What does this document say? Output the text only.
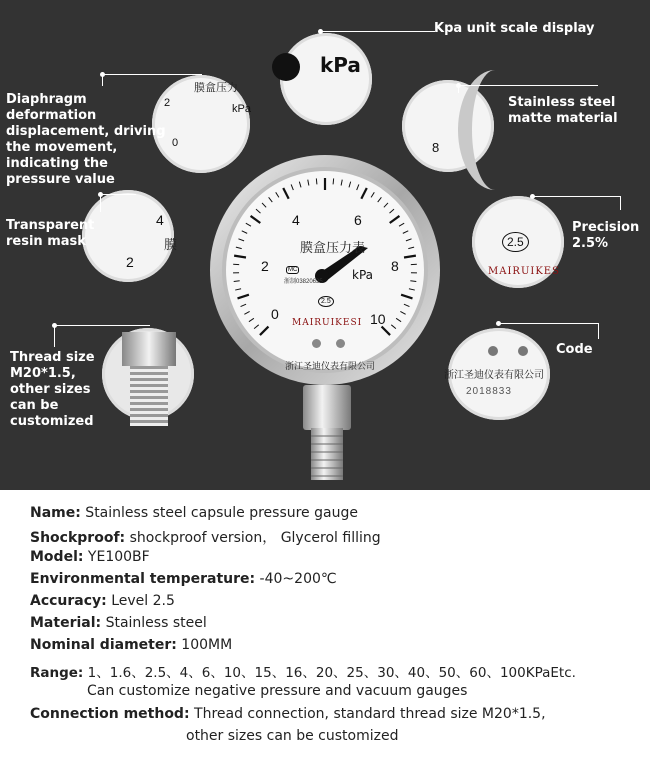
膜盒压力表
kPa
MC
浙制03820635
2.5
MAIRUIKESI
浙江圣迪仪表有限公司
0
2
4	6
8
10
kPa
8
膜盒压力
kPa
2
0
4
2
膜	2.5
MAIRUIKES
浙江圣迪仪表有限公司
2018833
Kpa unit scale display
Stainless steel
matte material
Diaphragm
deformation
displacement, driving
the movement,
indicating the
pressure value
Transparent
resin mask
Precision
2.5%
Thread size
M20*1.5,
other sizes
can be
customized
Code
Name: Stainless steel capsule pressure gauge
Shockproof: shockproof version， Glycerol filling
Model: YE100BF
Environmental temperature: -40~200℃
Accuracy: Level 2.5
Material: Stainless steel
Nominal diameter: 100MM
Range: 1、1.6、2.5、4、6、10、15、16、20、25、30、40、50、60、100KPaEtc.
Can customize negative pressure and vacuum gauges
Connection method: Thread connection, standard thread size M20*1.5,
other sizes can be customized
